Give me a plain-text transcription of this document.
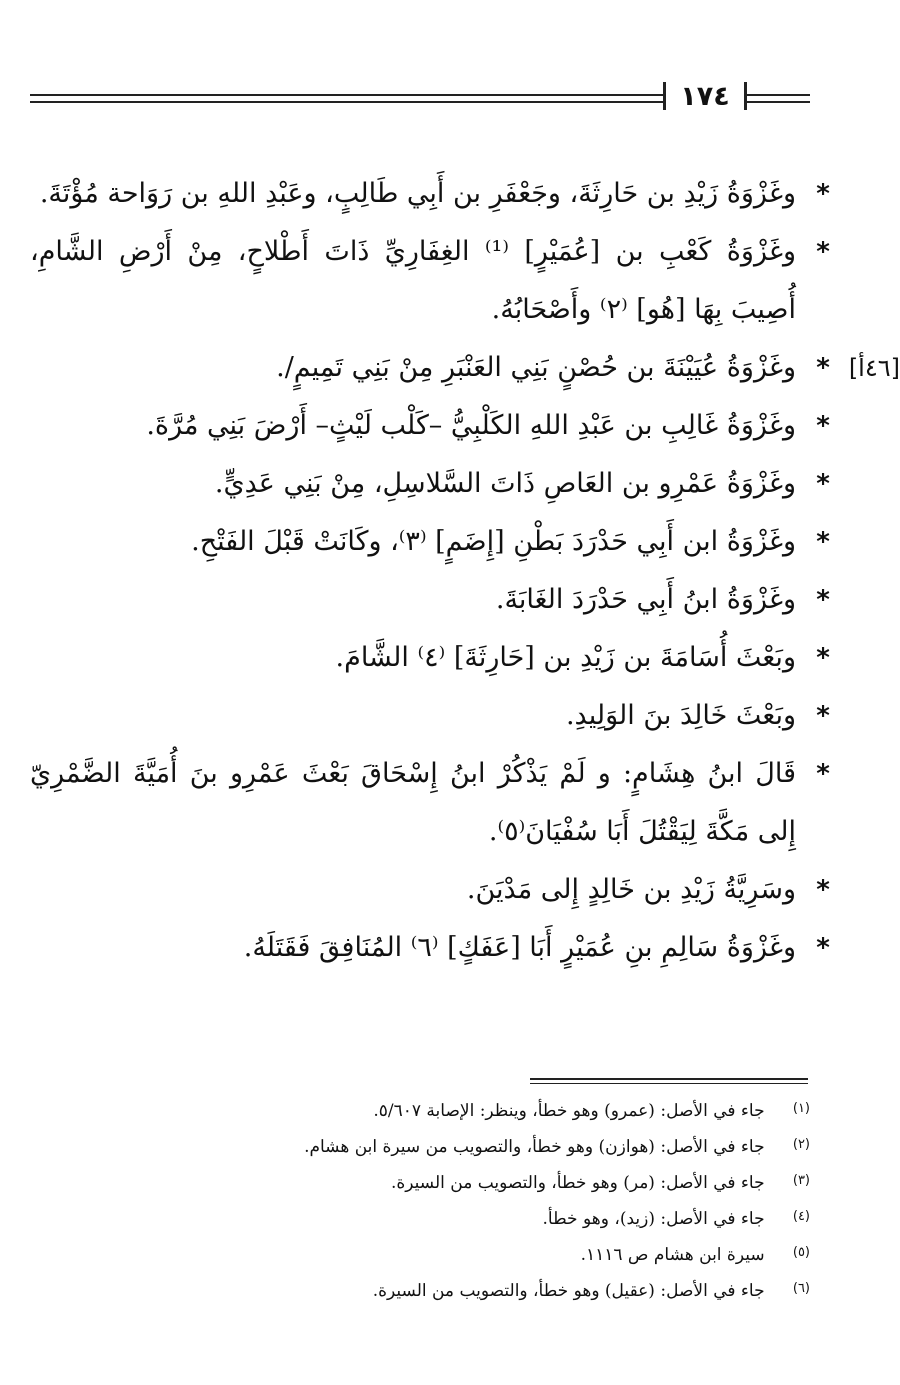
١٧٤

*
وغَزْوَةُ زَيْدِ بن حَارِثَةَ، وجَعْفَرِ بن أَبِي طَالِبٍ، وعَبْدِ اللهِ بن رَوَاحة مُؤْتَةَ.

*
وغَزْوَةُ كَعْبِ بن [عُمَيْرٍ] ⁽¹⁾ الغِفَارِيِّ ذَاتَ أَطْلاحٍ، مِنْ أَرْضِ الشَّامِ، أُصِيبَ بِهَا [هُو] ⁽٢⁾ وأَصْحَابُهُ.

[٤٦أ]
*
وغَزْوَةُ عُيَيْنَةَ بن حُصْنٍ بَنِي العَنْبَرِ مِنْ بَنِي تَمِيمٍ/.

*
وغَزْوَةُ غَالِبِ بن عَبْدِ اللهِ الكَلْبِيُّ –كَلْب لَيْثٍ– أَرْضَ بَنِي مُرَّةَ.

*
وغَزْوَةُ عَمْرِو بن العَاصِ ذَاتَ السَّلاسِلِ، مِنْ بَنِي عَدِيٍّ.

*
وغَزْوَةُ ابن أَبِي حَدْرَدَ بَطْنِ [إِضَمٍ] ⁽٣⁾، وكَانَتْ قَبْلَ الفَتْحِ.

*
وغَزْوَةُ ابنُ أَبِي حَدْرَدَ الغَابَةَ.

*
وبَعْثَ أُسَامَةَ بن زَيْدِ بن [حَارِثَةَ] ⁽٤⁾ الشَّامَ.

*
وبَعْثَ خَالِدَ بنَ الوَلِيدِ.

*
قَالَ ابنُ هِشَامٍ: و لَمْ يَذْكُرْ ابنُ إِسْحَاقَ بَعْثَ عَمْرِو بنَ أُمَيَّةَ الضَّمْرِيّ إِلى مَكَّةَ لِيَقْتُلَ أَبَا سُفْيَانَ⁽٥⁾.

*
وسَرِيَّةُ زَيْدِ بن خَالِدٍ إِلى مَدْيَنَ.

*
وغَزْوَةُ سَالِمِ بنِ عُمَيْرٍ أَبَا [عَفَكٍ] ⁽٦⁾ المُنَافِقَ فَقَتَلَهُ.

(١) جاء في الأصل: (عمرو) وهو خطأ، وينظر: الإصابة ٥/٦٠٧.

(٢) جاء في الأصل: (هوازن) وهو خطأ، والتصويب من سيرة ابن هشام.

(٣) جاء في الأصل: (مر) وهو خطأ، والتصويب من السيرة.

(٤) جاء في الأصل: (زيد)، وهو خطأ.

(٥) سيرة ابن هشام ص ١١١٦.

(٦) جاء في الأصل: (عقيل) وهو خطأ، والتصويب من السيرة.
